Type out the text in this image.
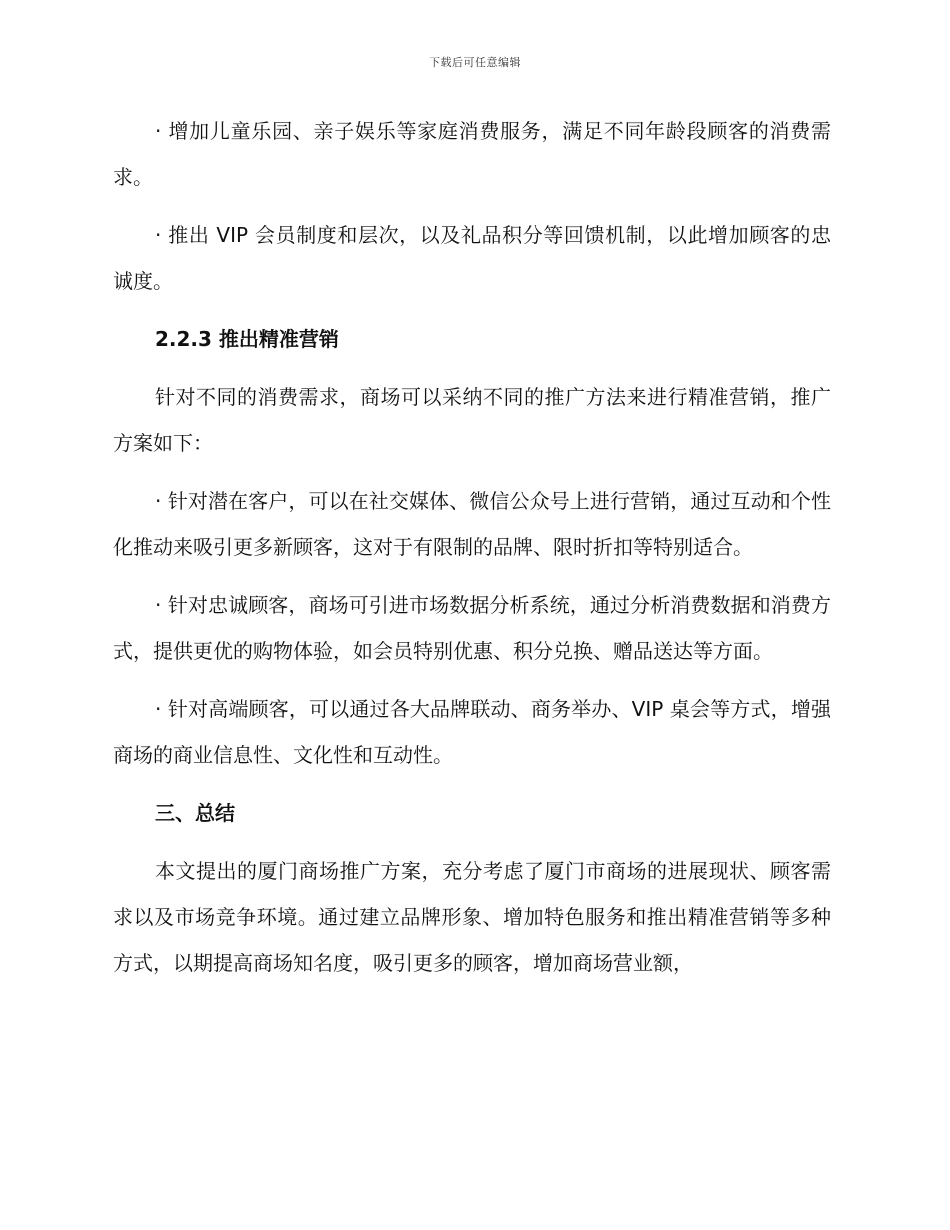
下载后可任意编辑

· 增加儿童乐园、亲子娱乐等家庭消费服务，满足不同年龄段顾客的消费需求。

· 推出 VIP 会员制度和层次，以及礼品积分等回馈机制，以此增加顾客的忠诚度。

2.2.3 推出精准营销

针对不同的消费需求，商场可以采纳不同的推广方法来进行精准营销，推广方案如下：

· 针对潜在客户，可以在社交媒体、微信公众号上进行营销，通过互动和个性化推动来吸引更多新顾客，这对于有限制的品牌、限时折扣等特别适合。

· 针对忠诚顾客，商场可引进市场数据分析系统，通过分析消费数据和消费方式，提供更优的购物体验，如会员特别优惠、积分兑换、赠品送达等方面。

· 针对高端顾客，可以通过各大品牌联动、商务举办、VIP 桌会等方式，增强商场的商业信息性、文化性和互动性。

三、总结

本文提出的厦门商场推广方案，充分考虑了厦门市商场的进展现状、顾客需求以及市场竞争环境。通过建立品牌形象、增加特色服务和推出精准营销等多种方式，以期提高商场知名度，吸引更多的顾客，增加商场营业额，
